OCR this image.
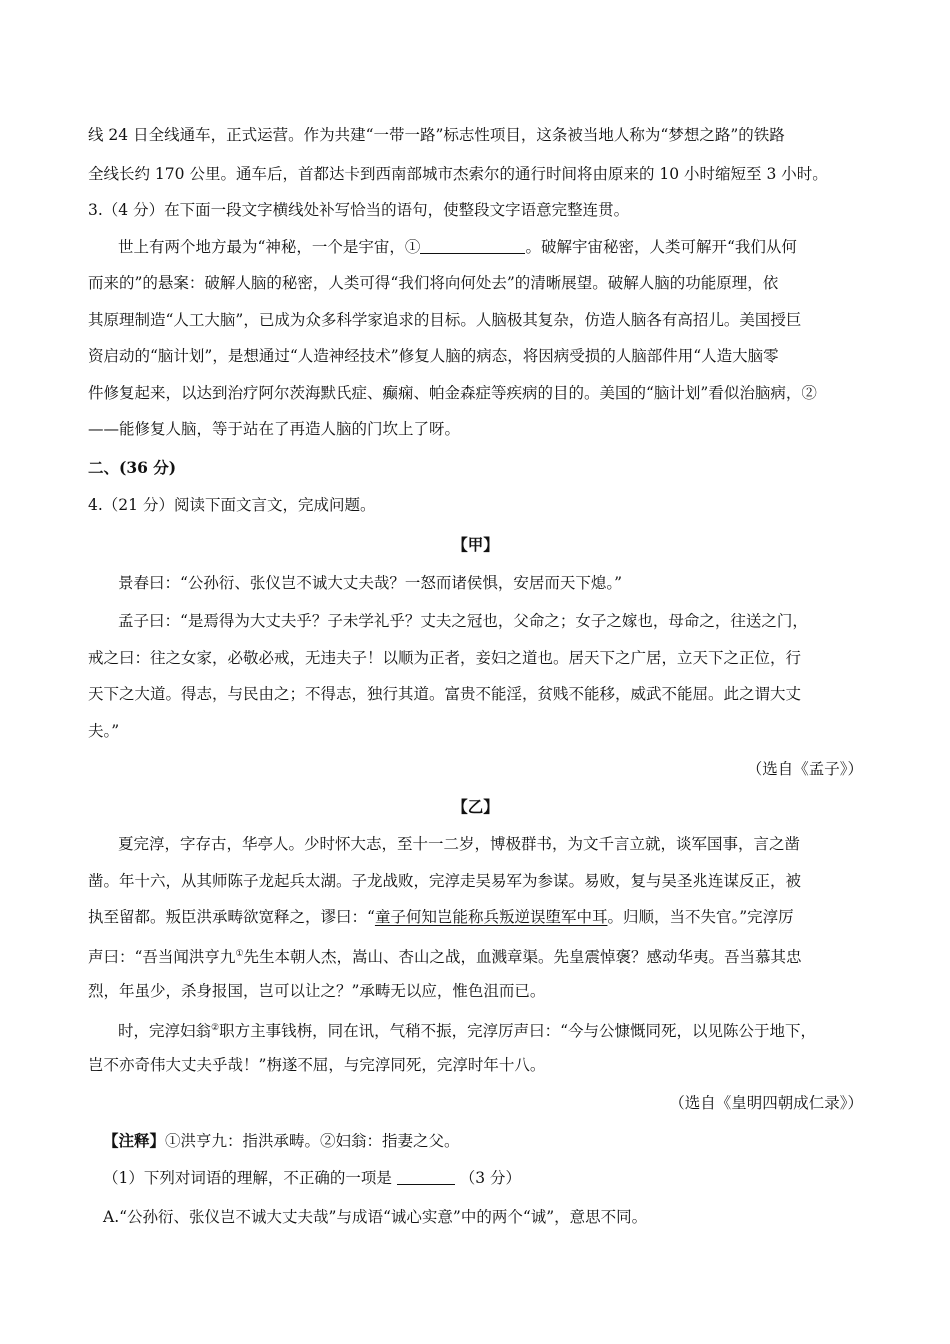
线 24 日全线通车，正式运营。作为共建“一带一路”标志性项目，这条被当地人称为“梦想之路”的铁路
全线长约 170 公里。通车后，首都达卡到西南部城市杰索尔的通行时间将由原来的 10 小时缩短至 3 小时。
3.（4 分）在下面一段文字横线处补写恰当的语句，使整段文字语意完整连贯。
世上有两个地方最为“神秘，一个是宇宙，①	。破解宇宙秘密，人类可解开“我们从何
而来的”的悬案：破解人脑的秘密，人类可得“我们将向何处去”的清晰展望。破解人脑的功能原理，依
其原理制造“人工大脑”，已成为众多科学家追求的目标。人脑极其复杂，仿造人脑各有高招儿。美国授巨
资启动的“脑计划”，是想通过“人造神经技术”修复人脑的病态，将因病受损的人脑部件用“人造大脑零
件修复起来，以达到治疗阿尔茨海默氏症、癫痫、帕金森症等疾病的目的。美国的“脑计划”看似治脑病，②
——能修复人脑，等于站在了再造人脑的门坎上了呀。
二、(36 分)
4.（21 分）阅读下面文言文，完成问题。
【甲】
景春曰：“公孙衍、张仪岂不诚大丈夫哉？一怒而诸侯惧，安居而天下熄。”
孟子曰：“是焉得为大丈夫乎？子未学礼乎？丈夫之冠也，父命之；女子之嫁也，母命之，往送之门，
戒之曰：往之女家，必敬必戒，无违夫子！以顺为正者，妾妇之道也。居天下之广居，立天下之正位，行
天下之大道。得志，与民由之；不得志，独行其道。富贵不能淫，贫贱不能移，威武不能屈。此之谓大丈
夫。”
（选自《孟子》）
【乙】
夏完淳，字存古，华亭人。少时怀大志，至十一二岁，博极群书，为文千言立就，谈军国事，言之凿
凿。年十六，从其师陈子龙起兵太湖。子龙战败，完淳走吴易军为参谋。易败，复与吴圣兆连谋反正，被
执至留都。叛臣洪承畴欲宽释之，谬曰：“童子何知岂能称兵叛逆误堕军中耳。归顺，当不失官。”完淳厉
声曰：“吾当闻洪亨九①先生本朝人杰，嵩山、杏山之战，血溅章渠。先皇震悼褒？感动华夷。吾当慕其忠
烈，年虽少，杀身报国，岂可以让之？”承畴无以应，惟色沮而已。
时，完淳妇翁②职方主事钱栴，同在讯，气稍不振，完淳厉声曰：“今与公慷慨同死，以见陈公于地下，
岂不亦奇伟大丈夫乎哉！”栴遂不屈，与完淳同死，完淳时年十八。
（选自《皇明四朝成仁录》）
【注释】①洪亨九：指洪承畴。②妇翁：指妻之父。
（1）下列对词语的理解，不正确的一项是	（3 分）
A.“公孙衍、张仪岂不诚大丈夫哉”与成语“诚心实意”中的两个“诚”，意思不同。
